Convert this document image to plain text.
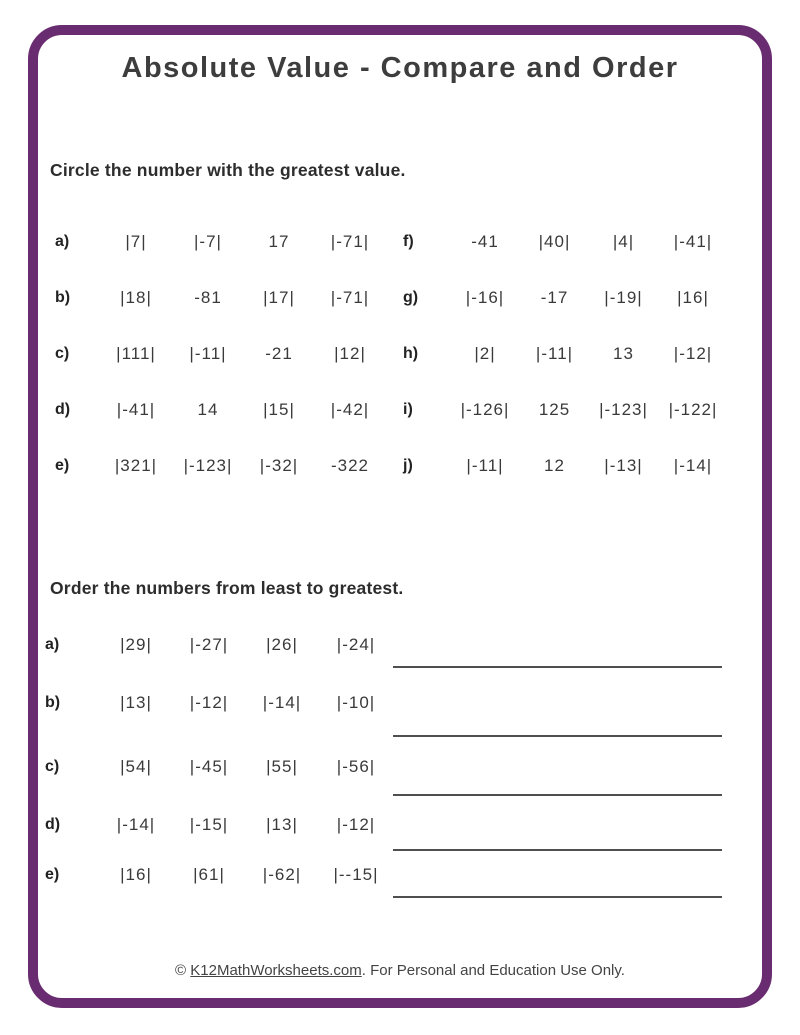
Absolute Value - Compare and Order
Circle the number with the greatest value.
a)	|7|	|-7|	17	|-71|
b)	|18|	-81	|17|	|-71|
c)	|111|	|-11|	-21	|12|
d)	|-41|	14	|15|	|-42|
e)	|321|	|-123|	|-32|	-322
f)	-41	|40|	|4|	|-41|
g)	|-16|	-17	|-19|	|16|
h)	|2|	|-11|	13	|-12|
i)	|-126|	125	|-123|	|-122|
j)	|-11|	12	|-13|	|-14|
Order the numbers from least to greatest.
a)	|29|	|-27|	|26|	|-24|
b)	|13|	|-12|	|-14|	|-10|
c)	|54|	|-45|	|55|	|-56|
d)	|-14|	|-15|	|13|	|-12|
e)	|16|	|61|	|-62|	|--15|
© K12MathWorksheets.com. For Personal and Education Use Only.
